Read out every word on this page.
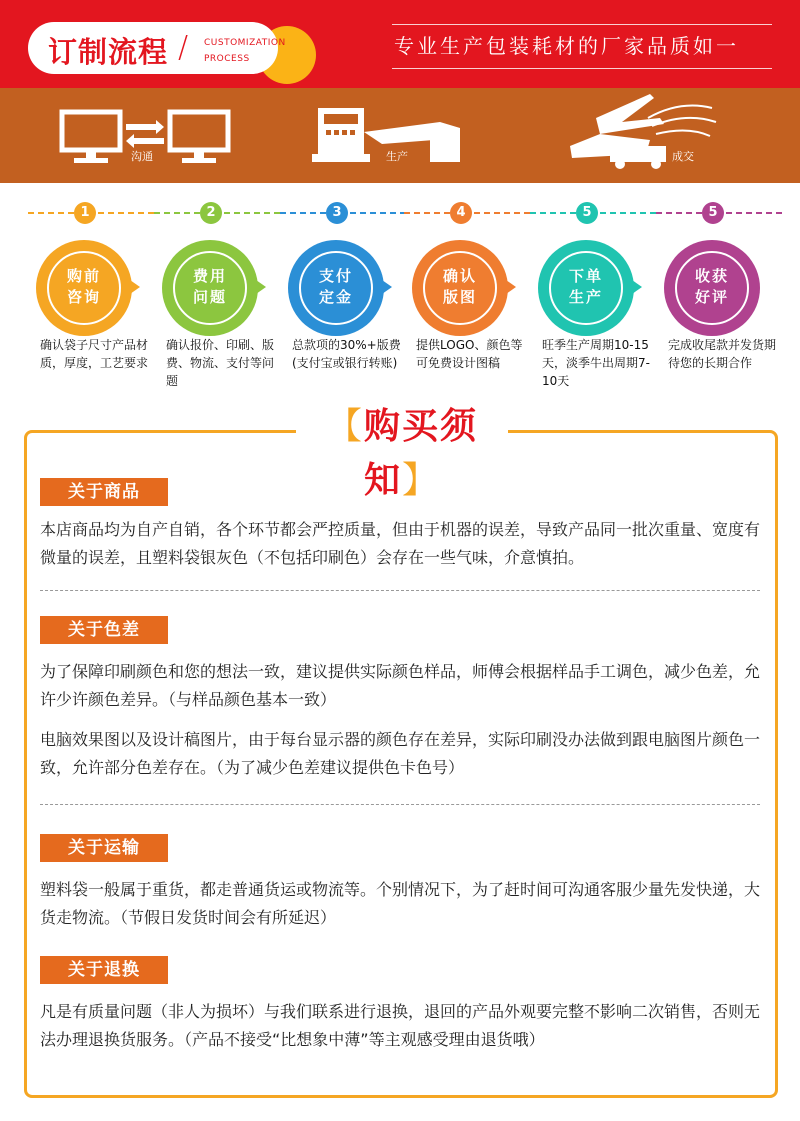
订制流程 / CUSTOMIZATION
PROCESS
专业生产包装耗材的厂家品质如一
沟通	生产	成交
1
购前
咨询
确认袋子尺寸产品材质，厚度，工艺要求
2
费用
问题
确认报价、印刷、版费、物流、支付等问题
3
支付
定金
总款项的30%+版费(支付宝或银行转账)
4
确认
版图
提供LOGO、颜色等可免费设计图稿
5
下单
生产
旺季生产周期10-15天，淡季牛出周期7-10天
5
收获
好评
完成收尾款并发货期待您的长期合作
【购买须知】
关于商品
本店商品均为自产自销，各个环节都会严控质量，但由于机器的误差，导致产品同一批次重量、宽度有微量的误差，且塑料袋银灰色（不包括印刷色）会存在一些气味，介意慎拍。
关于色差
为了保障印刷颜色和您的想法一致，建议提供实际颜色样品，师傅会根据样品手工调色，减少色差，允许少许颜色差异。（与样品颜色基本一致）
电脑效果图以及设计稿图片，由于每台显示器的颜色存在差异，实际印刷没办法做到跟电脑图片颜色一致，允许部分色差存在。（为了减少色差建议提供色卡色号）
关于运输
塑料袋一般属于重货，都走普通货运或物流等。个别情况下，为了赶时间可沟通客服少量先发快递，大货走物流。（节假日发货时间会有所延迟）
关于退换
凡是有质量问题（非人为损坏）与我们联系进行退换，退回的产品外观要完整不影响二次销售，否则无法办理退换货服务。（产品不接受“比想象中薄”等主观感受理由退货哦）
